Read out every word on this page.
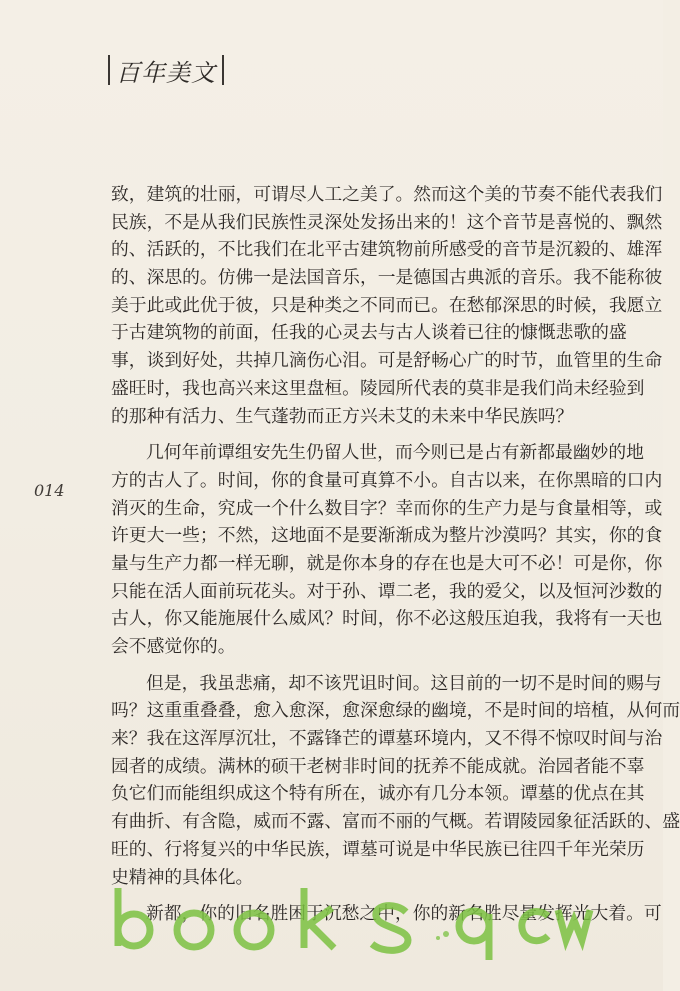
百年美文
014
致，建筑的壮丽，可谓尽人工之美了。然而这个美的节奏不能代表我们
民族，不是从我们民族性灵深处发扬出来的！这个音节是喜悦的、飘然
的、活跃的，不比我们在北平古建筑物前所感受的音节是沉毅的、雄浑
的、深思的。仿佛一是法国音乐，一是德国古典派的音乐。我不能称彼
美于此或此优于彼，只是种类之不同而已。在愁郁深思的时候，我愿立
于古建筑物的前面，任我的心灵去与古人谈着已往的慷慨悲歌的盛
事，谈到好处，共掉几滴伤心泪。可是舒畅心广的时节，血管里的生命
盛旺时，我也高兴来这里盘桓。陵园所代表的莫非是我们尚未经验到
的那种有活力、生气蓬勃而正方兴未艾的未来中华民族吗？
几何年前谭组安先生仍留人世，而今则已是占有新都最幽妙的地
方的古人了。时间，你的食量可真算不小。自古以来，在你黑暗的口内
消灭的生命，究成一个什么数目字？幸而你的生产力是与食量相等，或
许更大一些；不然，这地面不是要渐渐成为整片沙漠吗？其实，你的食
量与生产力都一样无聊，就是你本身的存在也是大可不必！可是你，你
只能在活人面前玩花头。对于孙、谭二老，我的爱父，以及恒河沙数的
古人，你又能施展什么威风？时间，你不必这般压迫我，我将有一天也
会不感觉你的。
但是，我虽悲痛，却不该咒诅时间。这目前的一切不是时间的赐与
吗？这重重叠叠，愈入愈深，愈深愈绿的幽境，不是时间的培植，从何而
来？我在这浑厚沉壮，不露锋芒的谭墓环境内，又不得不惊叹时间与治
园者的成绩。满林的硕干老树非时间的抚养不能成就。治园者能不辜
负它们而能组织成这个特有所在，诚亦有几分本领。谭墓的优点在其
有曲折、有含隐，威而不露、富而不丽的气概。若谓陵园象征活跃的、盛
旺的、行将复兴的中华民族，谭墓可说是中华民族已往四千年光荣历
史精神的具体化。
新都，你的旧名胜困于沉愁之中，你的新名胜尽量发挥光大着。可
